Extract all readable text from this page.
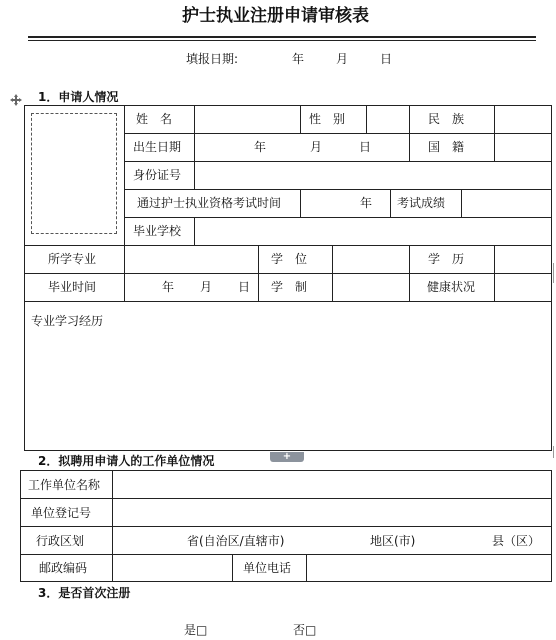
护士执业注册申请审核表
填报日期:	年	月	日
1．申请人情况
姓　名	性　别	民　族
出生日期	年	月	日	国　籍
身份证号
通过护士执业资格考试时间	年 考试成绩
毕业学校
所学专业	学　位	学　历
毕业时间	年 月 日 学　制	健康状况
专业学习经历
2．拟聘用申请人的工作单位情况	+
工作单位名称
单位登记号
行政区划	省(自治区/直辖市)	地区(市)	县（区）
邮政编码	单位电话
3．是否首次注册
是□	否□
